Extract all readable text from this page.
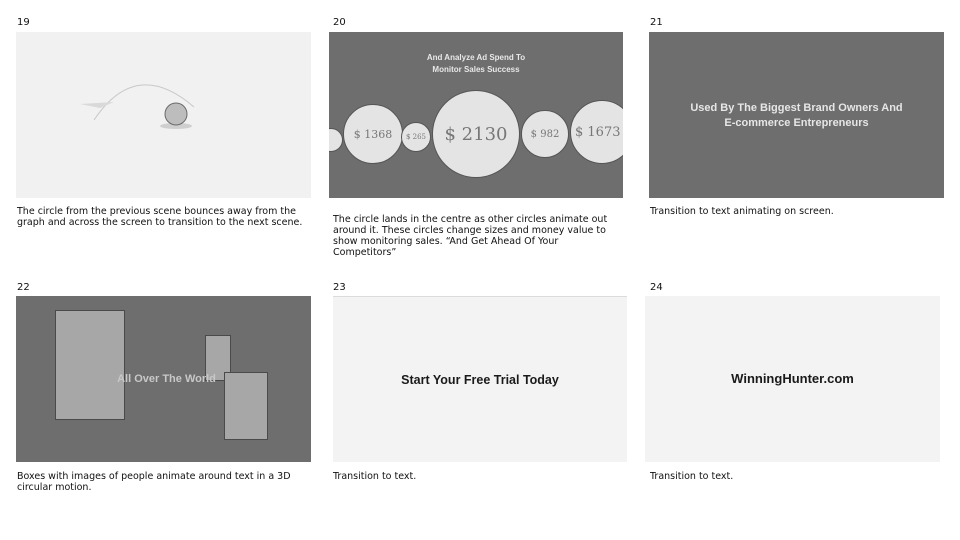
19
The circle from the previous scene bounces away from the graph and across the screen to transition to the next scene.
20
And Analyze Ad Spend To
Monitor Sales Success
$ 1368	$ 265	$ 2130	$ 982	$ 1673
The circle lands in the centre as other circles animate out around it. These circles change sizes and money value to show monitoring sales. “And Get Ahead Of Your Competitors”
21
Used By The Biggest Brand Owners And
E-commerce Entrepreneurs
Transition to text animating on screen.
22
All Over The World
Boxes with images of people animate around text in a 3D circular motion.
23
Start Your Free Trial Today
Transition to text.
24
WinningHunter.com
Transition to text.
